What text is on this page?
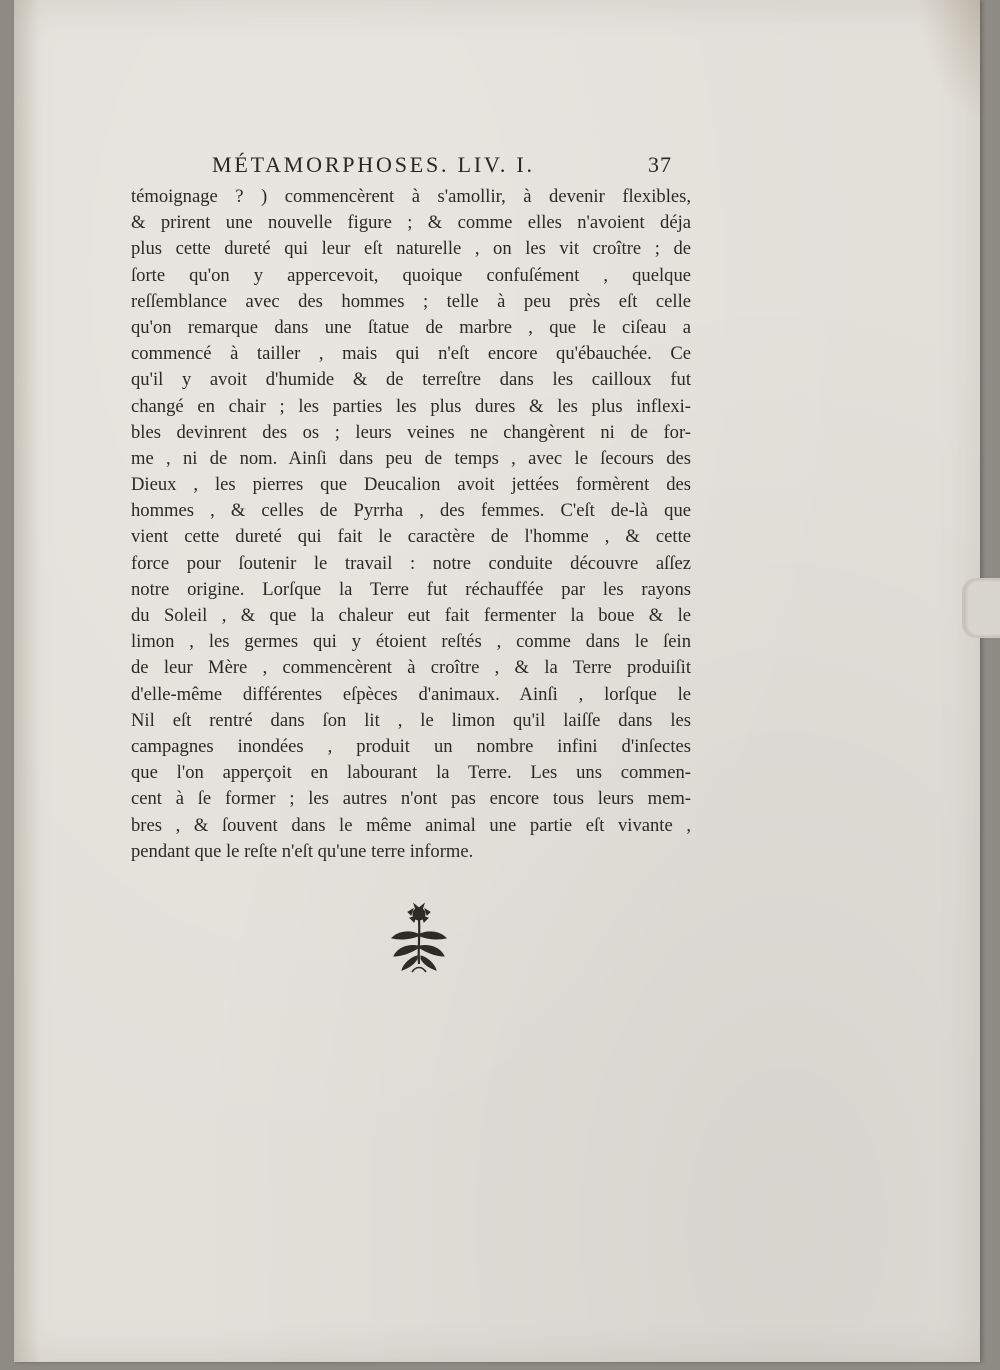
MÉTAMORPHOSES. LIV. I.	37
témoignage ? ) commencèrent à s'amollir, à devenir flexibles,
& prirent une nouvelle figure ; & comme elles n'avoient déja
plus cette dureté qui leur eſt naturelle , on les vit croître ; de
ſorte qu'on y appercevoit, quoique confuſément , quelque
reſſemblance avec des hommes ; telle à peu près eſt celle
qu'on remarque dans une ſtatue de marbre , que le ciſeau a
commencé à tailler , mais qui n'eſt encore qu'ébauchée. Ce
qu'il y avoit d'humide & de terreſtre dans les cailloux fut
changé en chair ; les parties les plus dures & les plus inflexi-
bles devinrent des os ; leurs veines ne changèrent ni de for-
me , ni de nom. Ainſi dans peu de temps , avec le ſecours des
Dieux , les pierres que Deucalion avoit jettées formèrent des
hommes , & celles de Pyrrha , des femmes. C'eſt de-là que
vient cette dureté qui fait le caractère de l'homme , & cette
force pour ſoutenir le travail : notre conduite découvre aſſez
notre origine. Lorſque la Terre fut réchauffée par les rayons
du Soleil , & que la chaleur eut fait fermenter la boue & le
limon , les germes qui y étoient reſtés , comme dans le ſein
de leur Mère , commencèrent à croître , & la Terre produiſit
d'elle-même différentes eſpèces d'animaux. Ainſi , lorſque le
Nil eſt rentré dans ſon lit , le limon qu'il laiſſe dans les
campagnes inondées , produit un nombre infini d'inſectes
que l'on apperçoit en labourant la Terre. Les uns commen-
cent à ſe former ; les autres n'ont pas encore tous leurs mem-
bres , & ſouvent dans le même animal une partie eſt vivante ,
pendant que le reſte n'eſt qu'une terre informe.
